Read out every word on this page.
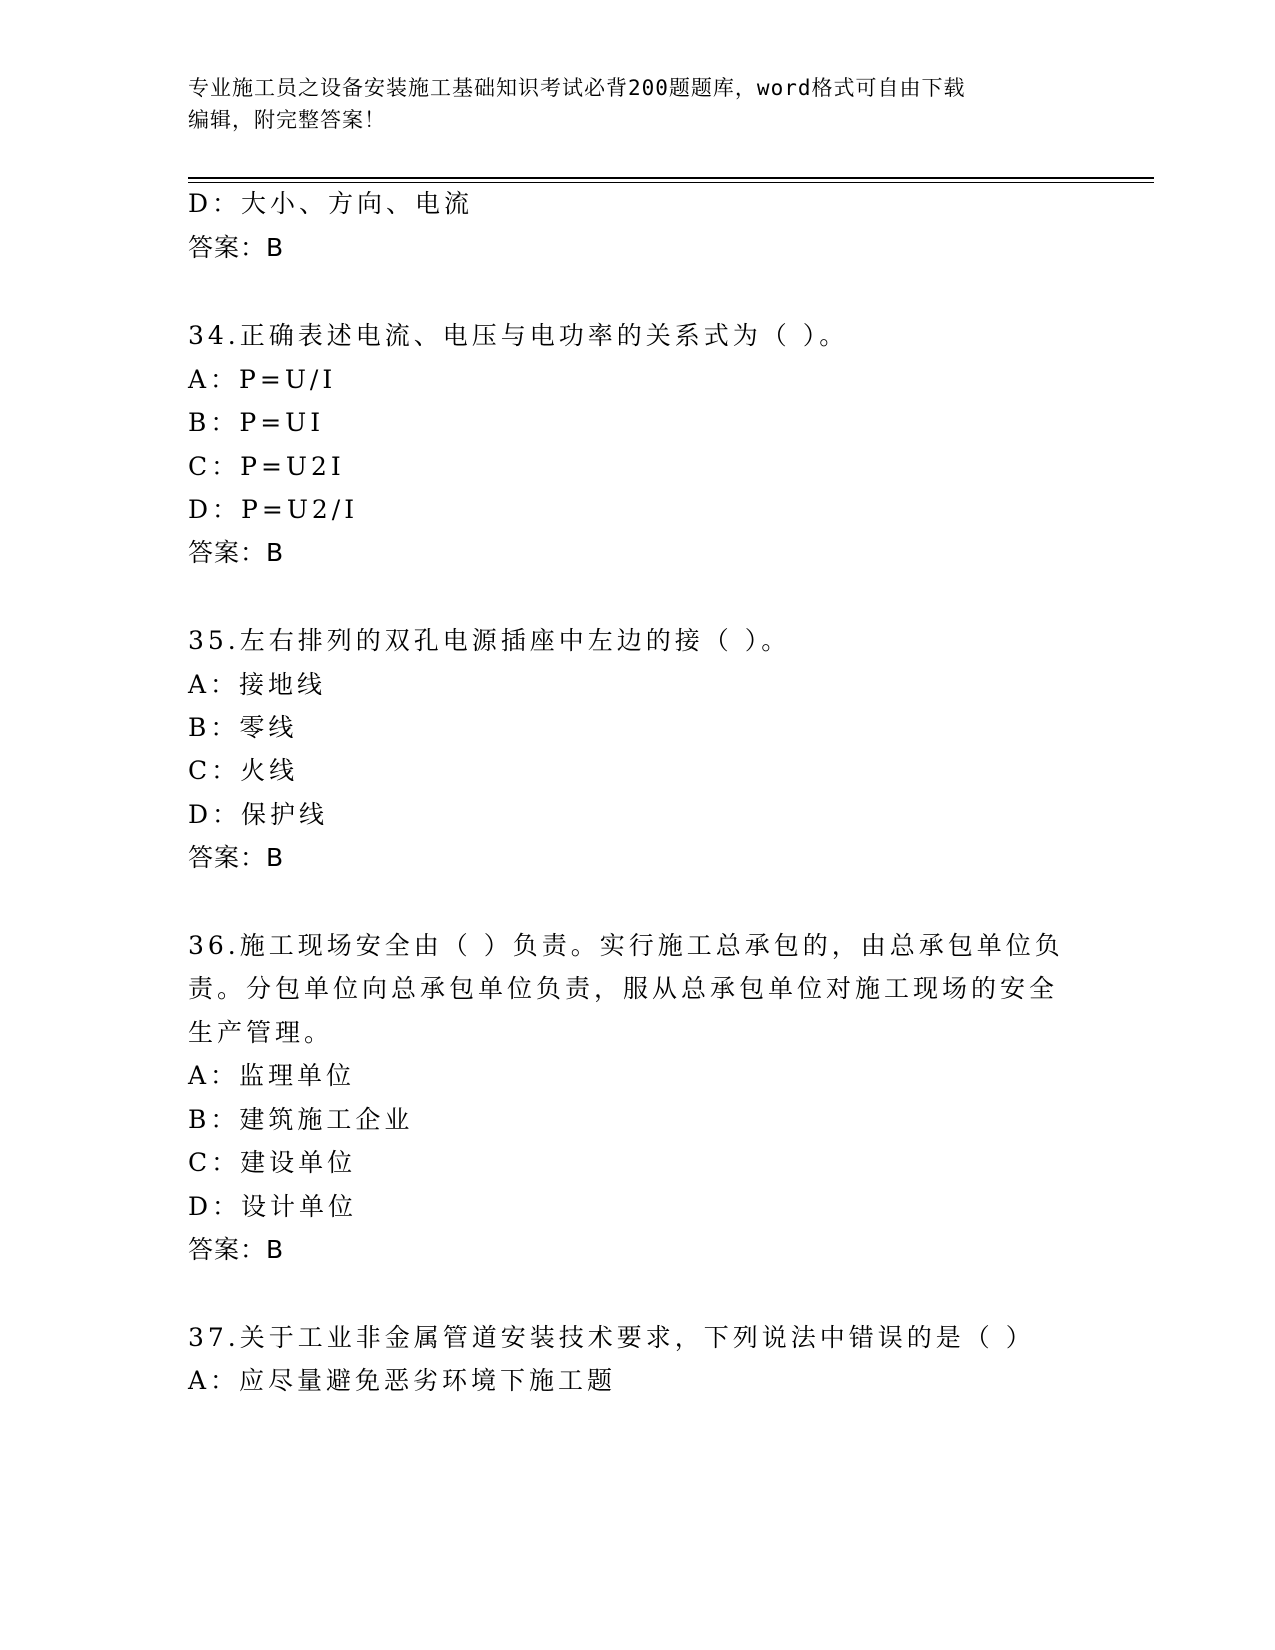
专业施工员之设备安装施工基础知识考试必背200题题库，word格式可自由下载
编辑，附完整答案！
D：大小、方向、电流
答案：B
34.正确表述电流、电压与电功率的关系式为（ ）。
A：P=U/I
B：P=UI
C：P=U2I
D：P=U2/I
答案：B
35.左右排列的双孔电源插座中左边的接（ ）。
A：接地线
B：零线
C：火线
D：保护线
答案：B
36.施工现场安全由（ ）负责。实行施工总承包的，由总承包单位负
责。分包单位向总承包单位负责，服从总承包单位对施工现场的安全
生产管理。
A：监理单位
B：建筑施工企业
C：建设单位
D：设计单位
答案：B
37.关于工业非金属管道安装技术要求，下列说法中错误的是（ ）
A：应尽量避免恶劣环境下施工题
